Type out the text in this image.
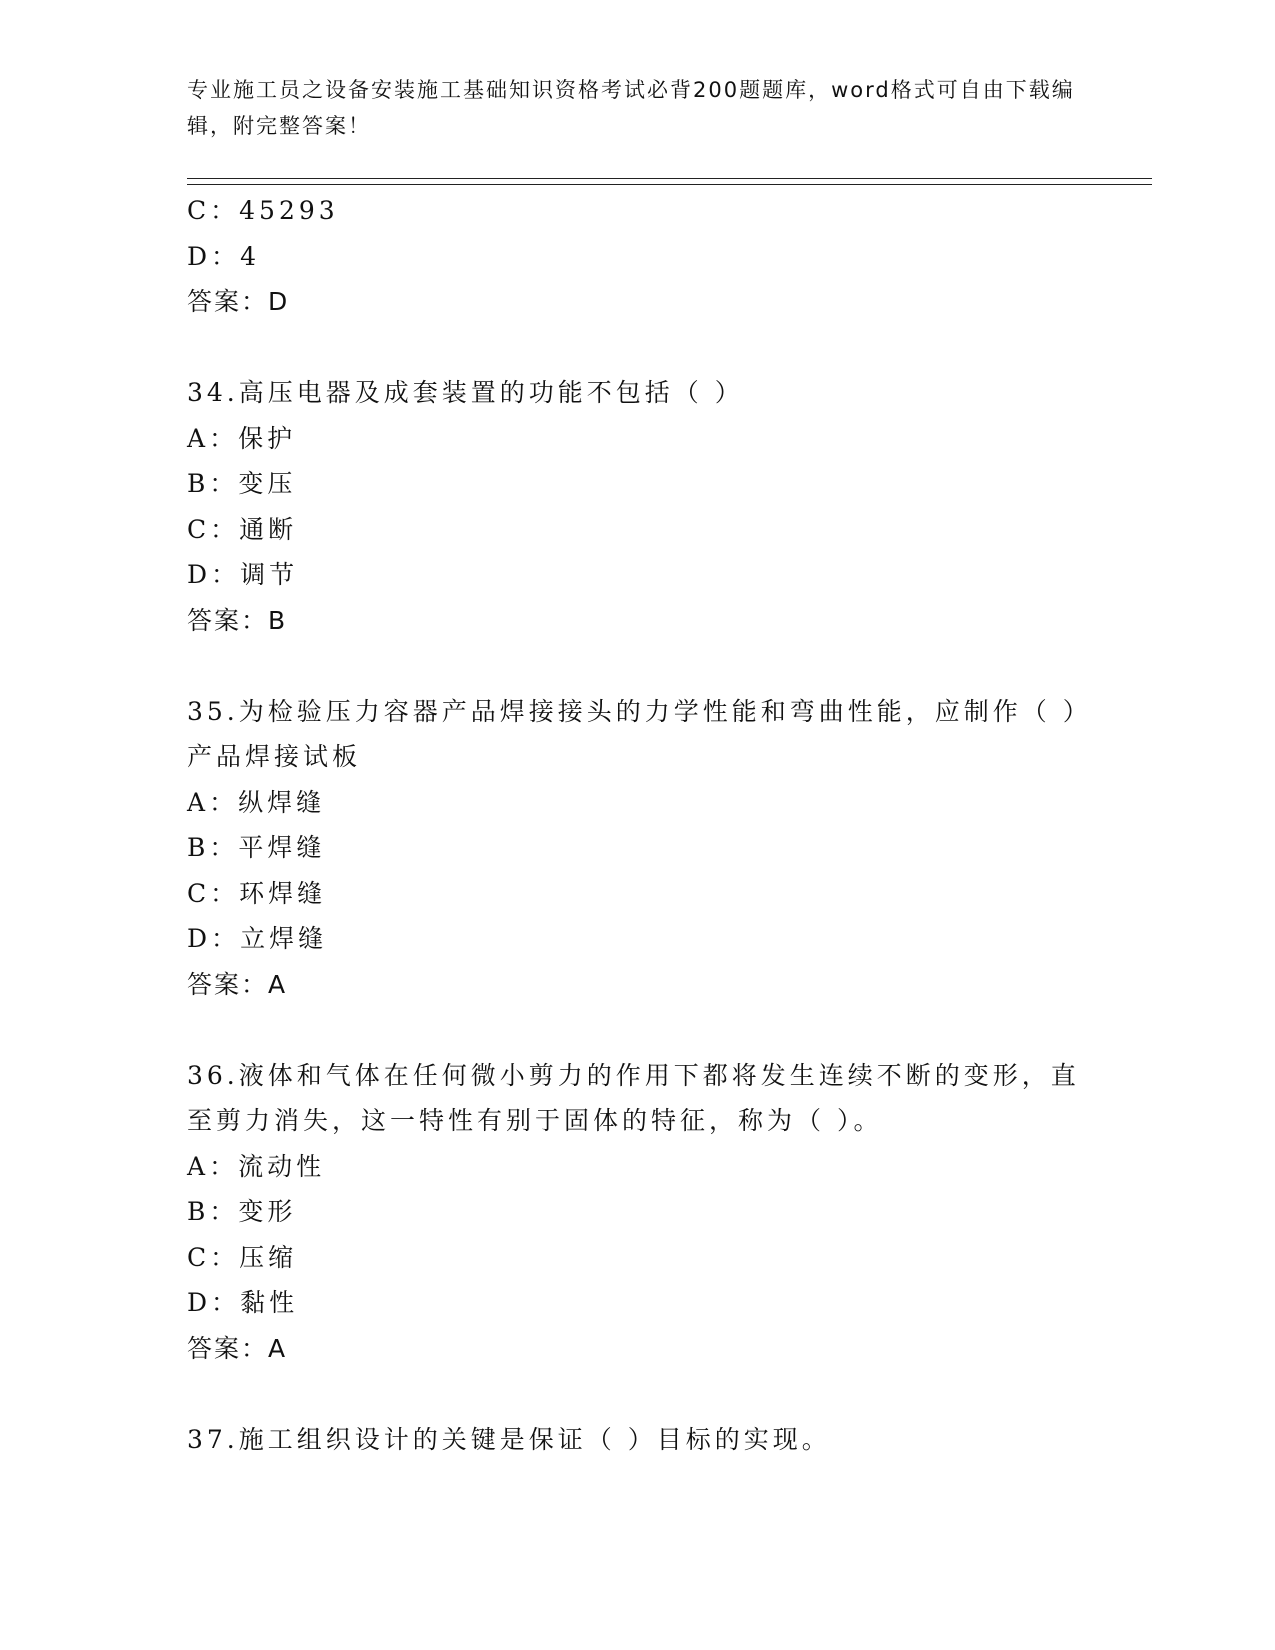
专业施工员之设备安装施工基础知识资格考试必背200题题库，word格式可自由下载编辑，附完整答案！
C：45293
D：4
答案：D
34.高压电器及成套装置的功能不包括（ ）
A：保护
B：变压
C：通断
D：调节
答案：B
35.为检验压力容器产品焊接接头的力学性能和弯曲性能，应制作（ ）产品焊接试板
A：纵焊缝
B：平焊缝
C：环焊缝
D：立焊缝
答案：A
36.液体和气体在任何微小剪力的作用下都将发生连续不断的变形，直至剪力消失，这一特性有别于固体的特征，称为（ ）。
A：流动性
B：变形
C：压缩
D：黏性
答案：A
37.施工组织设计的关键是保证（ ）目标的实现。
